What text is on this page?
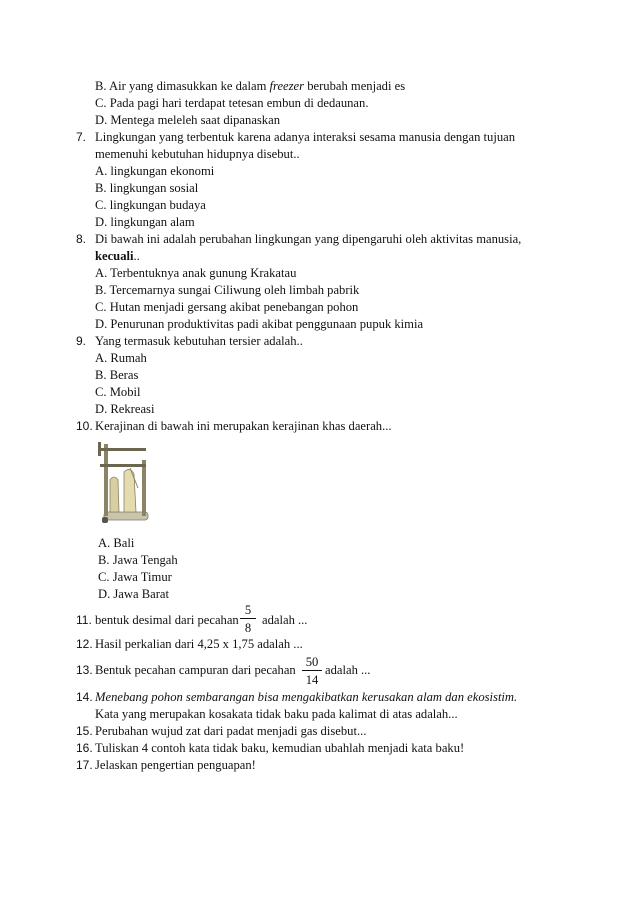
B. Air yang dimasukkan ke dalam freezer berubah menjadi es
C. Pada pagi hari terdapat tetesan embun di dedaunan.
D. Mentega meleleh saat dipanaskan
7. Lingkungan yang terbentuk karena adanya interaksi sesama manusia dengan tujuan
memenuhi kebutuhan hidupnya disebut..
A. lingkungan ekonomi
B. lingkungan sosial
C. lingkungan budaya
D. lingkungan alam
8. Di bawah ini adalah perubahan lingkungan yang dipengaruhi oleh aktivitas manusia,
kecuali..
A. Terbentuknya anak gunung Krakatau
B. Tercemarnya sungai Ciliwung oleh limbah pabrik
C. Hutan menjadi gersang akibat penebangan pohon
D. Penurunan produktivitas padi akibat penggunaan pupuk kimia
9. Yang termasuk kebutuhan tersier adalah..
A. Rumah
B. Beras
C. Mobil
D. Rekreasi
10. Kerajinan di bawah ini merupakan kerajinan khas daerah...
A. Bali
B. Jawa Tengah
C. Jawa Timur
D. Jawa Barat
11. bentuk desimal dari pecahan
5
8
adalah ...
12. Hasil perkalian dari 4,25 x 1,75 adalah ...
13. Bentuk pecahan campuran dari pecahan
50
14
adalah ...
14. Menebang pohon sembarangan bisa mengakibatkan kerusakan alam dan ekosistim.
Kata yang merupakan kosakata tidak baku pada kalimat di atas adalah...
15. Perubahan wujud zat dari padat menjadi gas disebut...
16. Tuliskan 4 contoh kata tidak baku, kemudian ubahlah menjadi kata baku!
17. Jelaskan pengertian penguapan!
